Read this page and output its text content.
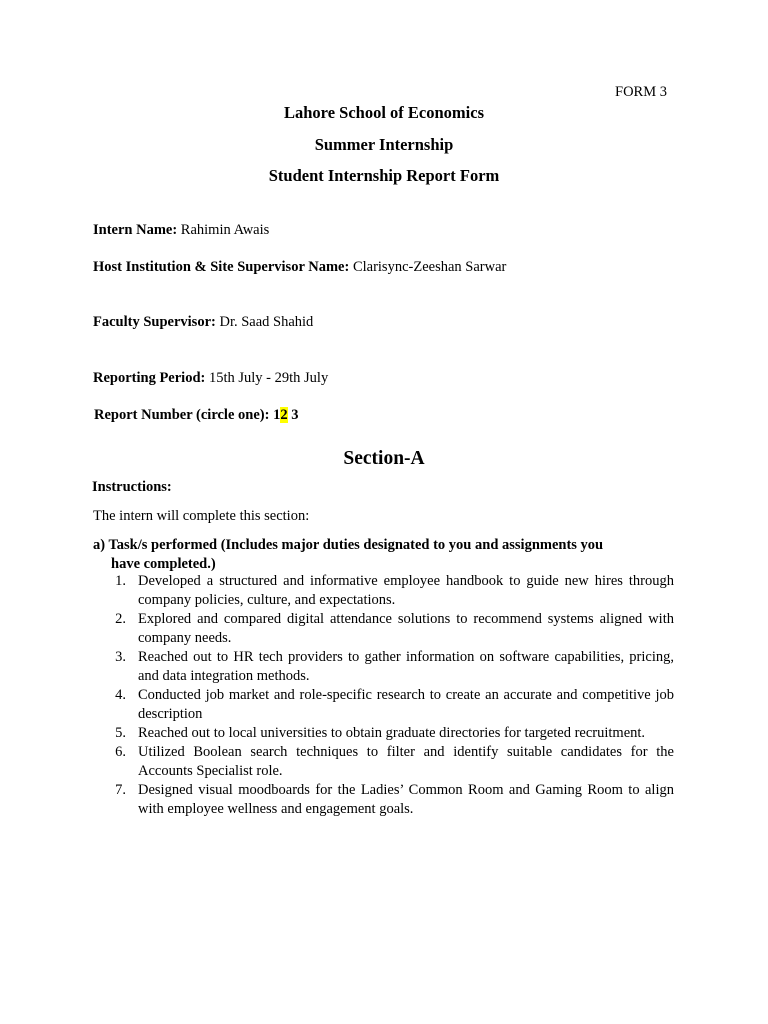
FORM 3
Lahore School of Economics
Summer Internship
Student Internship Report Form
Intern Name: Rahimin Awais
Host Institution & Site Supervisor Name: Clarisync-Zeeshan Sarwar
Faculty Supervisor: Dr. Saad Shahid
Reporting Period: 15th July - 29th July
Report Number (circle one): 12 3
Section-A
Instructions:
The intern will complete this section:
a) Task/s performed (Includes major duties designated to you and assignments you
have completed.)
1. Developed a structured and informative employee handbook to guide new hires through company policies, culture, and expectations.
2. Explored and compared digital attendance solutions to recommend systems aligned with company needs.
3. Reached out to HR tech providers to gather information on software capabilities, pricing, and data integration methods.
4. Conducted job market and role-specific research to create an accurate and competitive job description
5. Reached out to local universities to obtain graduate directories for targeted recruitment.
6. Utilized Boolean search techniques to filter and identify suitable candidates for the Accounts Specialist role.
7. Designed visual moodboards for the Ladies’ Common Room and Gaming Room to align with employee wellness and engagement goals.
